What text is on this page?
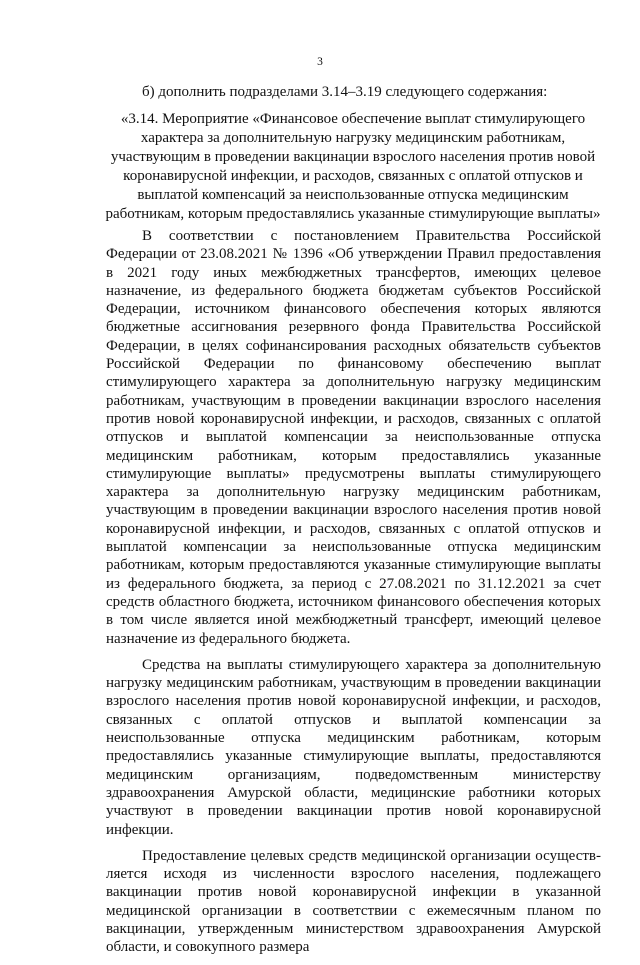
3
б) дополнить подразделами 3.14–3.19 следующего содержания:
«3.14. Мероприятие «Финансовое обеспечение выплат стимулирующего характера за дополнительную нагрузку медицинским работникам, участвующим в проведении вакцинации взрослого населения против новой коронавирусной инфекции, и расходов, связанных с оплатой отпусков и выплатой компенсаций за неиспользованные отпуска медицинским работникам, которым предоставлялись указанные стимулирующие выплаты»

В соответствии с постановлением Правительства Российской Федерации от 23.08.2021 № 1396 «Об утверждении Правил предоставления в 2021 году иных межбюджетных трансфертов, имеющих целевое назначение, из федерального бюджета бюджетам субъектов Российской Федерации, источником финансового обеспечения которых являются бюджетные ассигнования резервного фонда Правительства Российской Федерации, в целях софинансирования расходных обязательств субъектов Российской Федерации по финансовому обеспечению выплат стимулирующего характера за дополнительную нагрузку медицинским работникам, участвующим в проведении вакцинации взрослого населения против новой коронавирусной инфекции, и расходов, связанных с оплатой отпусков и выплатой компенсации за неиспользованные отпуска медицинским работникам, которым предоставлялись указанные стимулирующие выплаты» предусмотрены выплаты стимулирующего характера за дополнительную нагрузку медицинским работникам, участвующим в проведении вакцинации взрослого населения против новой коронавирусной инфекции, и расходов, связанных с оплатой отпусков и выплатой компенсации за неиспользованные отпуска медицинским работникам, которым предоставляются указанные стимулирующие выплаты из федерального бюджета, за период с 27.08.2021 по 31.12.2021 за счет средств областного бюджета, источником финансового обеспечения которых в том числе является иной межбюджетный трансферт, имеющий целевое назначение из федерального бюджета.

Средства на выплаты стимулирующего характера за дополнительную нагрузку медицинским работникам, участвующим в проведении вакцинации взрослого населения против новой коронавирусной инфекции, и расходов, связанных с оплатой отпусков и выплатой компенсации за неиспользованные отпуска медицинским работникам, которым предоставлялись указанные стимулирующие выплаты, предоставляются медицинским организациям, подведомственным министерству здравоохранения Амурской области, медицинские работники которых участвуют в проведении вакцинации против новой коронавирусной инфекции.

Предоставление целевых средств медицинской организации осуществляется исходя из численности взрослого населения, подлежащего вакцинации против новой коронавирусной инфекции в указанной медицинской организации в соответствии с ежемесячным планом по вакцинации, утвержденным министерством здравоохранения Амурской области, и совокупного размера
